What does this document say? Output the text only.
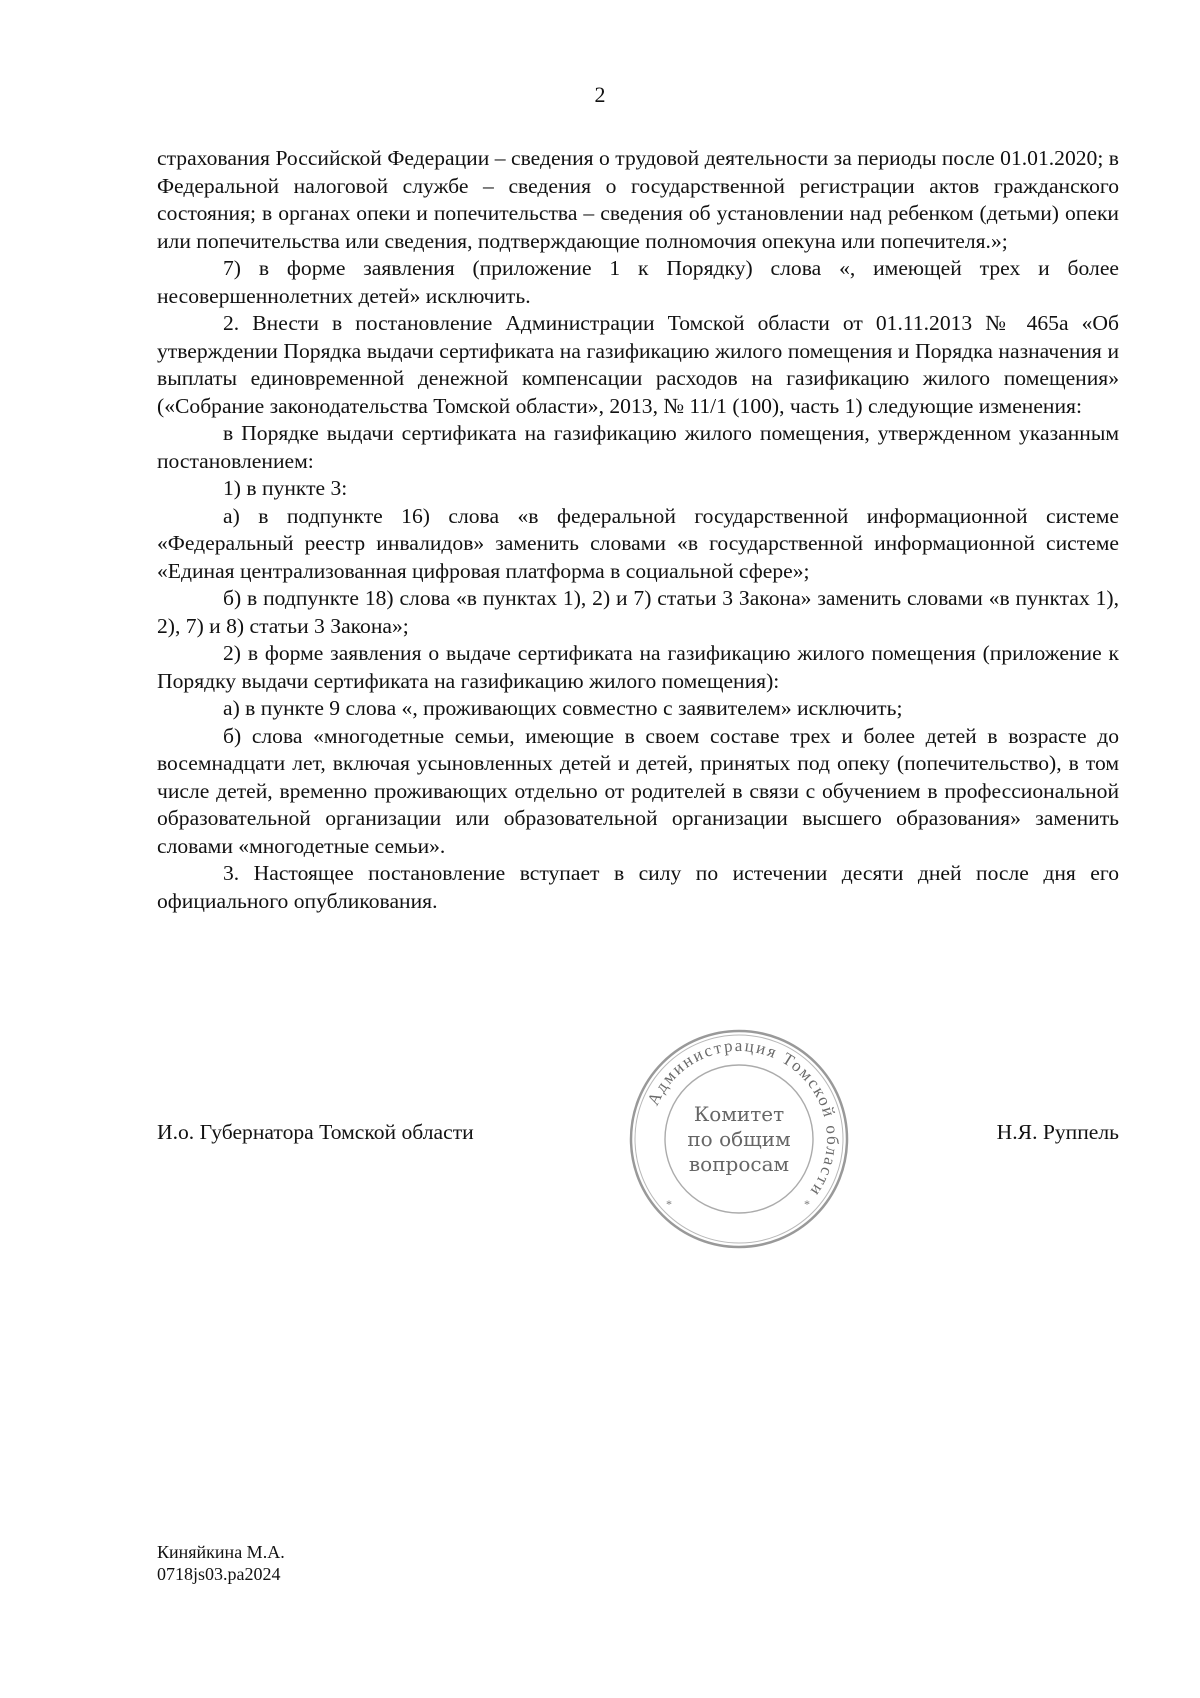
2

страхования Российской Федерации – сведения о трудовой деятельности за периоды после 01.01.2020; в Федеральной налоговой службе – сведения о государственной регистрации актов гражданского состояния; в органах опеки и попечительства – сведения об установлении над ребенком (детьми) опеки или попечительства или сведения, подтверждающие полномочия опекуна или попечителя.»;

7) в форме заявления (приложение 1 к Порядку) слова «, имеющей трех и более несовершеннолетних детей» исключить.

2. Внести в постановление Администрации Томской области от 01.11.2013 № 465а «Об утверждении Порядка выдачи сертификата на газификацию жилого помещения и Порядка назначения и выплаты единовременной денежной компенсации расходов на газификацию жилого помещения» («Собрание законодательства Томской области», 2013, № 11/1 (100), часть 1) следующие изменения:

в Порядке выдачи сертификата на газификацию жилого помещения, утвержденном указанным постановлением:

1) в пункте 3:

а) в подпункте 16) слова «в федеральной государственной информационной системе «Федеральный реестр инвалидов» заменить словами «в государственной информационной системе «Единая централизованная цифровая платформа в социальной сфере»;

б) в подпункте 18) слова «в пунктах 1), 2) и 7) статьи 3 Закона» заменить словами «в пунктах 1), 2), 7) и 8) статьи 3 Закона»;

2) в форме заявления о выдаче сертификата на газификацию жилого помещения (приложение к Порядку выдачи сертификата на газификацию жилого помещения):

а) в пункте 9 слова «, проживающих совместно с заявителем» исключить;

б) слова «многодетные семьи, имеющие в своем составе трех и более детей в возрасте до восемнадцати лет, включая усыновленных детей и детей, принятых под опеку (попечительство), в том числе детей, временно проживающих отдельно от родителей в связи с обучением в профессиональной образовательной организации или образовательной организации высшего образования» заменить словами «многодетные семьи».

3. Настоящее постановление вступает в силу по истечении десяти дней после дня его официального опубликования.

И.о. Губернатора Томской области	Н.Я. Руппель
Администрация Томской области
*	*
Комитет
по общим
вопросам
Киняйкина М.А.
0718js03.pa2024
